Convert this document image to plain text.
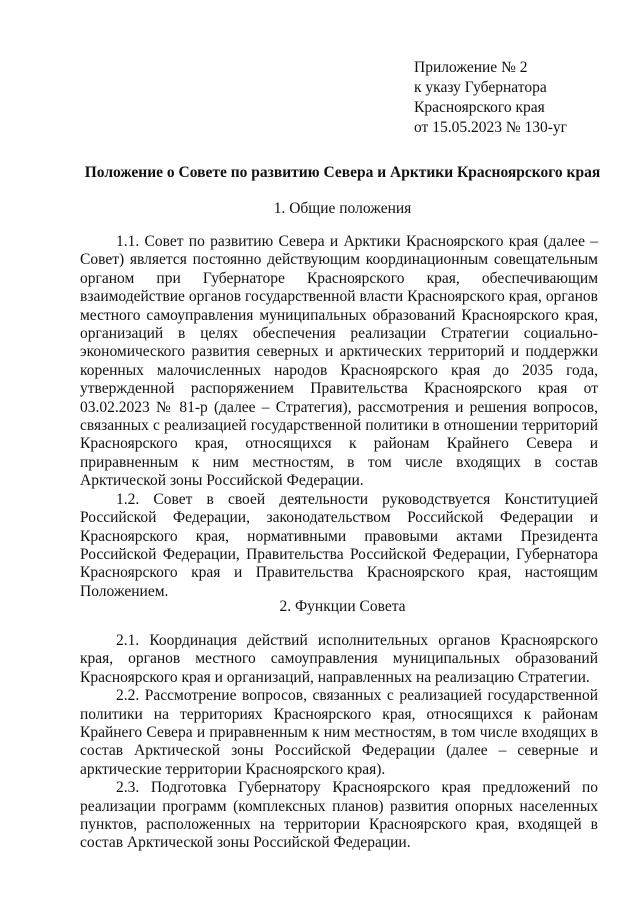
Приложение № 2
к указу Губернатора
Красноярского края
от 15.05.2023 № 130-уг
Положение о Совете по развитию Севера и Арктики Красноярского края
1. Общие положения

1.1. Совет по развитию Севера и Арктики Красноярского края (далее – Совет) является постоянно действующим координационным совещательным органом при Губернаторе Красноярского края, обеспечивающим взаимодействие органов государственной власти Красноярского края, органов местного самоуправления муниципальных образований Красноярского края, организаций в целях обеспечения реализации Стратегии социально-экономического развития северных и арктических территорий и поддержки коренных малочисленных народов Красноярского края до 2035 года, утвержденной распоряжением Правительства Красноярского края от 03.02.2023 № 81-р (далее – Стратегия), рассмотрения и решения вопросов, связанных с реализацией государственной политики в отношении территорий Красноярского края, относящихся к районам Крайнего Севера и приравненным к ним местностям, в том числе входящих в состав Арктической зоны Российской Федерации.

1.2. Совет в своей деятельности руководствуется Конституцией Российской Федерации, законодательством Российской Федерации и Красноярского края, нормативными правовыми актами Президента Российской Федерации, Правительства Российской Федерации, Губернатора Красноярского края и Правительства Красноярского края, настоящим Положением.

2. Функции Совета

2.1. Координация действий исполнительных органов Красноярского края, органов местного самоуправления муниципальных образований Красноярского края и организаций, направленных на реализацию Стратегии.

2.2. Рассмотрение вопросов, связанных с реализацией государственной политики на территориях Красноярского края, относящихся к районам Крайнего Севера и приравненным к ним местностям, в том числе входящих в состав Арктической зоны Российской Федерации (далее – северные и арктические территории Красноярского края).

2.3. Подготовка Губернатору Красноярского края предложений по реализации программ (комплексных планов) развития опорных населенных пунктов, расположенных на территории Красноярского края, входящей в состав Арктической зоны Российской Федерации.
